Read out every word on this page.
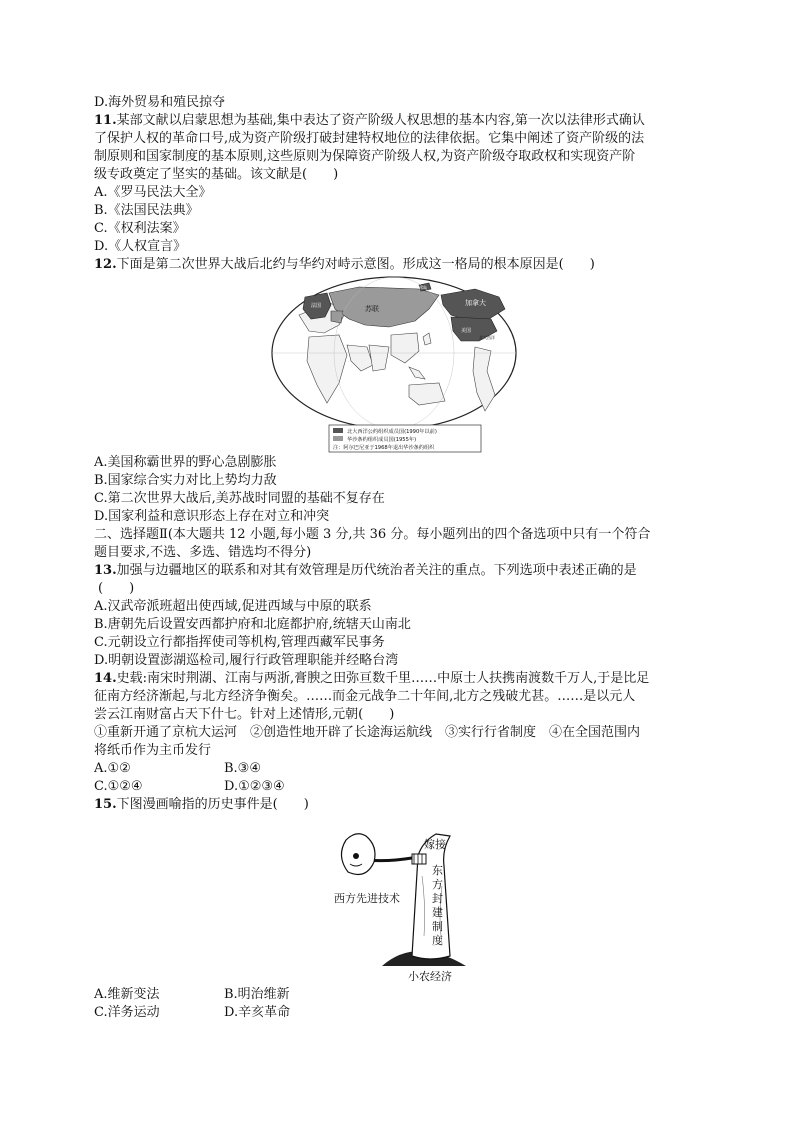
D.海外贸易和殖民掠夺
11.某部文献以启蒙思想为基础,集中表达了资产阶级人权思想的基本内容,第一次以法律形式确认
了保护人权的革命口号,成为资产阶级打破封建特权地位的法律依据。它集中阐述了资产阶级的法
制原则和国家制度的基本原则,这些原则为保障资产阶级人权,为资产阶级夺取政权和实现资产阶
级专政奠定了坚实的基础。该文献是(　　)
A.《罗马民法大全》
B.《法国民法典》
C.《权利法案》
D.《人权宣言》
12.下面是第二次世界大战后北约与华约对峙示意图。形成这一格局的根本原因是(　　)
法国	苏联
加拿大
美国
冰岛
北大西洋
北大西洋公约组织成员国(1990年以前)
华沙条约组织成员国(1955年)
注：阿尔巴尼亚于1968年退出华沙条约组织
A.美国称霸世界的野心急剧膨胀
B.国家综合实力对比上势均力敌
C.第二次世界大战后,美苏战时同盟的基础不复存在
D.国家利益和意识形态上存在对立和冲突
二、选择题Ⅱ(本大题共 12 小题,每小题 3 分,共 36 分。每小题列出的四个备选项中只有一个符合
题目要求,不选、多选、错选均不得分)
13.加强与边疆地区的联系和对其有效管理是历代统治者关注的重点。下列选项中表述正确的是
(　　)
A.汉武帝派班超出使西域,促进西域与中原的联系
B.唐朝先后设置安西都护府和北庭都护府,统辖天山南北
C.元朝设立行都指挥使司等机构,管理西藏军民事务
D.明朝设置澎湖巡检司,履行行政管理职能并经略台湾
14.史载:南宋时荆湖、江南与两浙,膏腴之田弥亘数千里……中原士人扶携南渡数千万人,于是比足
征南方经济渐起,与北方经济争衡矣。……而金元战争二十年间,北方之残破尤甚。……是以元人
尝云江南财富占天下什七。针对上述情形,元朝(　　)
①重新开通了京杭大运河　②创造性地开辟了长途海运航线　③实行行省制度　④在全国范围内
将纸币作为主币发行
A.①②	B.③④
C.①②④	D.①②③④
15.下图漫画喻指的历史事件是(　　)
嫁接
东
方
封
建
制
度
西方先进技术
小农经济
A.维新变法	B.明治维新
C.洋务运动	D.辛亥革命
